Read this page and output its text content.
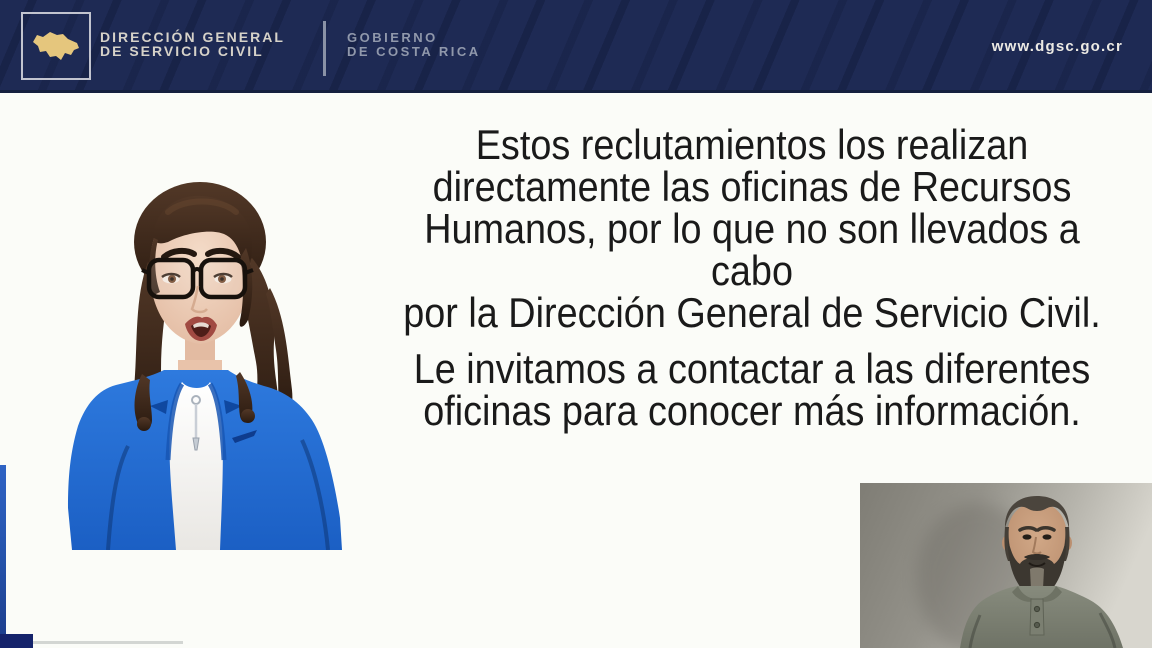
DIRECCIÓN GENERAL
DE SERVICIO CIVIL
GOBIERNO
DE COSTA RICA	www.dgsc.go.cr

Estos reclutamientos los realizan
directamente las oficinas de Recursos
Humanos, por lo que no son llevados a cabo
por la Dirección General de Servicio Civil.

Le invitamos a contactar a las diferentes
oficinas para conocer más información.
